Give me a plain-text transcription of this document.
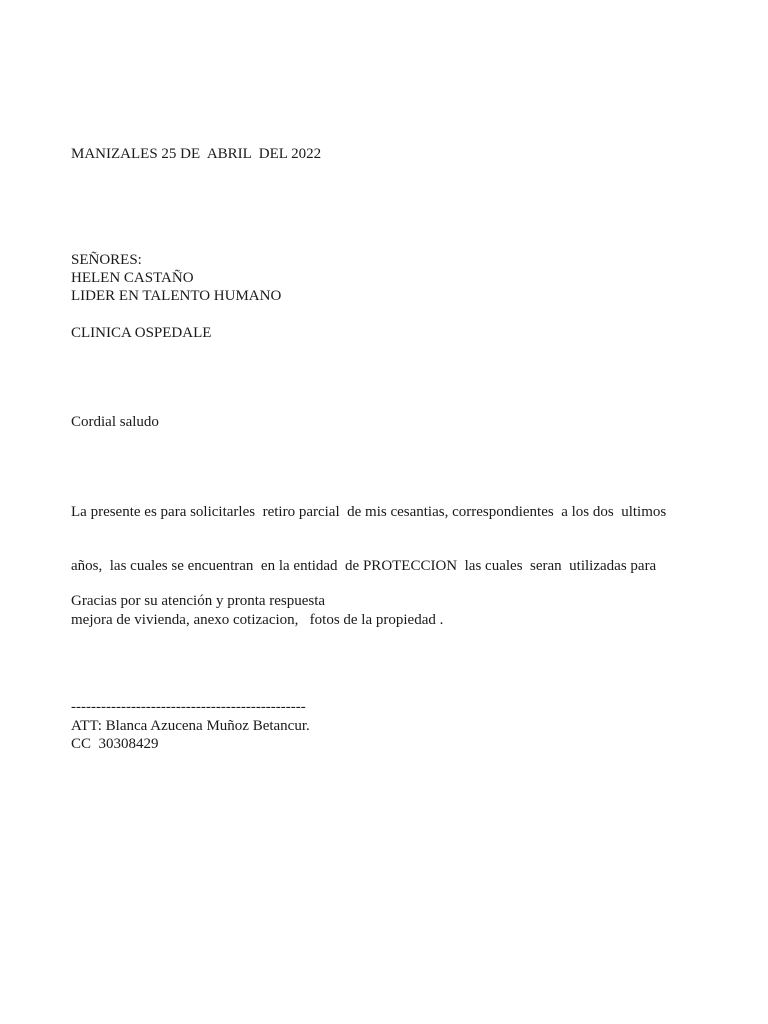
MANIZALES 25 DE  ABRIL  DEL 2022

SEÑORES:

HELEN CASTAÑO

LIDER EN TALENTO HUMANO

CLINICA OSPEDALE

Cordial saludo

La presente es para solicitarles  retiro parcial  de mis cesantias, correspondientes  a los dos  ultimos

años,  las cuales se encuentran  en la entidad  de PROTECCION  las cuales  seran  utilizadas para

mejora de vivienda, anexo cotizacion,   fotos de la propiedad .

Gracias por su atención y pronta respuesta

-----------------------------------------------

ATT: Blanca Azucena Muñoz Betancur.

CC  30308429
